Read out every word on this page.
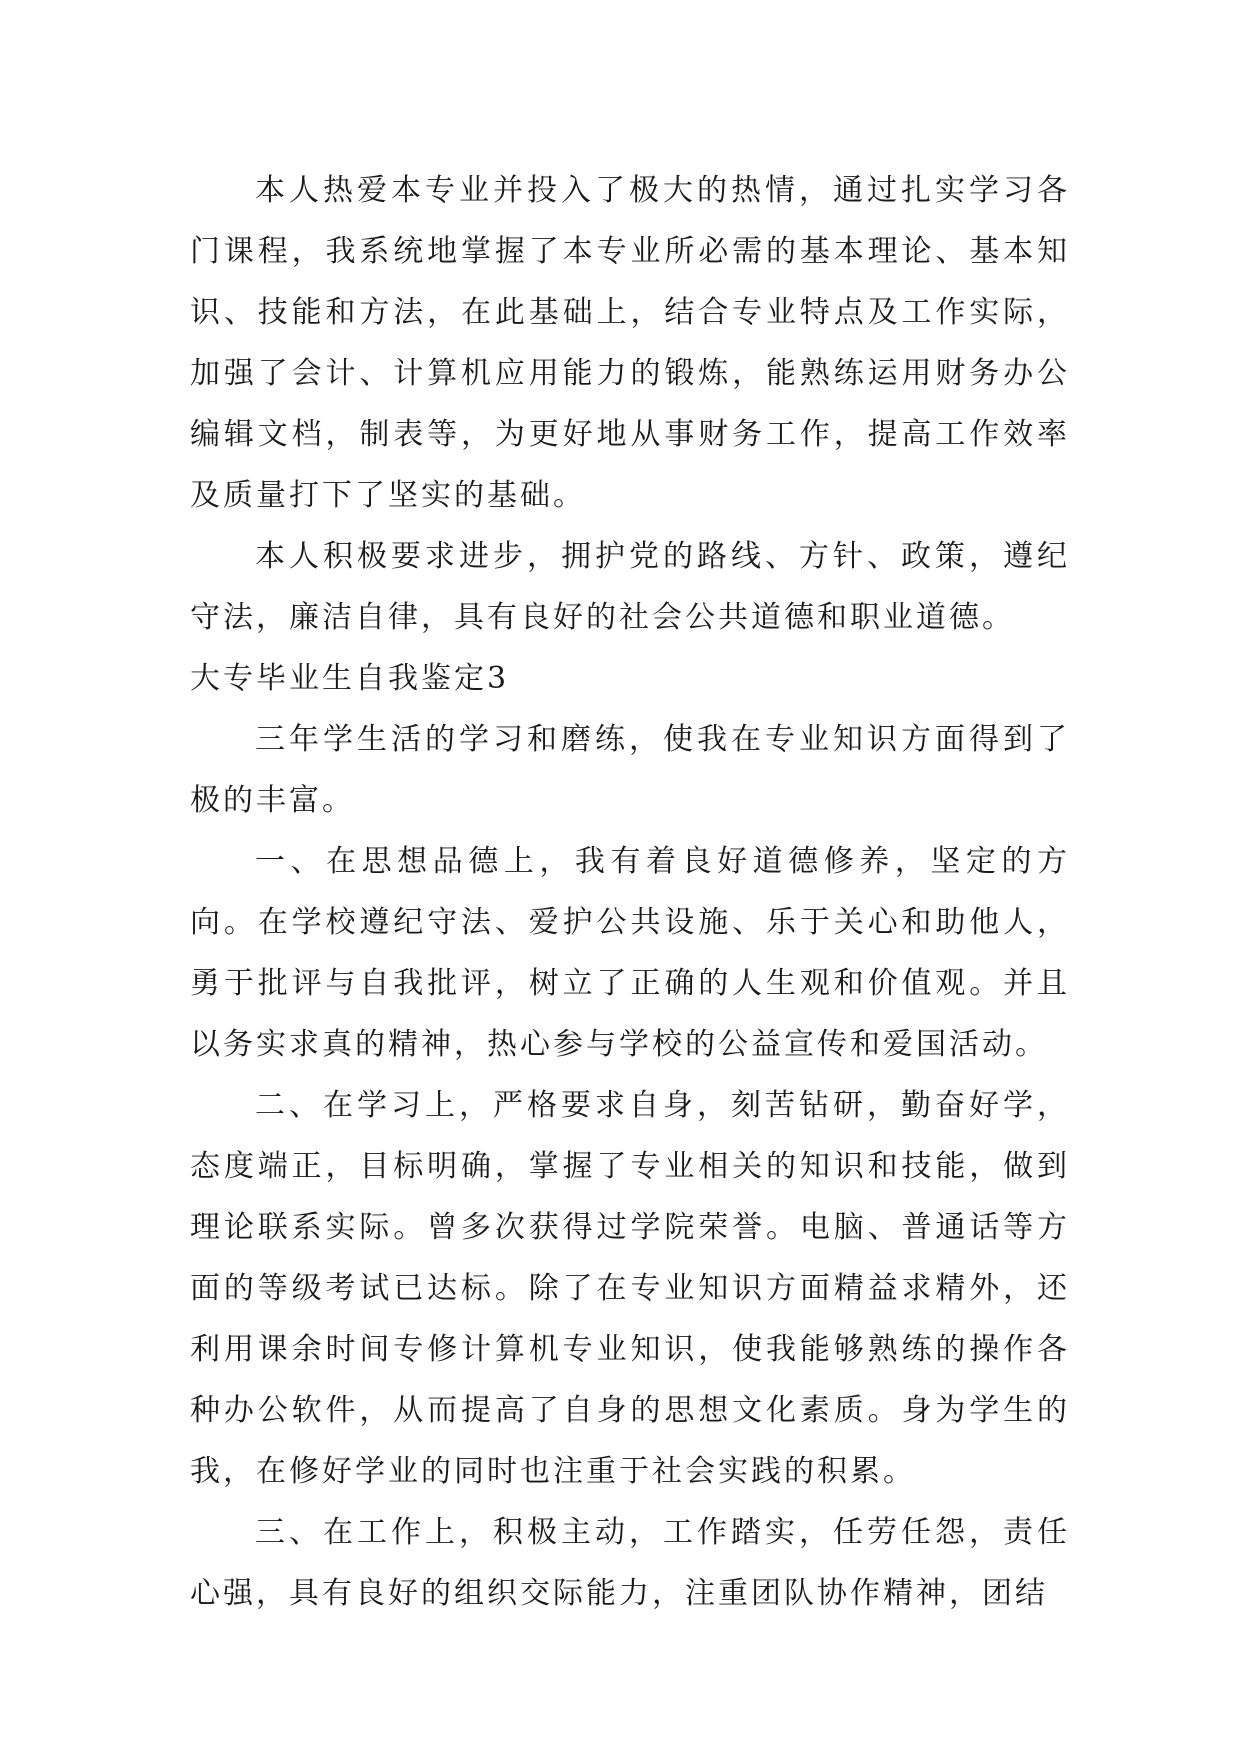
本人热爱本专业并投入了极大的热情，通过扎实学习各门课程，我系统地掌握了本专业所必需的基本理论、基本知识、技能和方法，在此基础上，结合专业特点及工作实际，加强了会计、计算机应用能力的锻炼，能熟练运用财务办公编辑文档，制表等，为更好地从事财务工作，提高工作效率及质量打下了坚实的基础。

本人积极要求进步，拥护党的路线、方针、政策，遵纪守法，廉洁自律，具有良好的社会公共道德和职业道德。

大专毕业生自我鉴定3

三年学生活的学习和磨练，使我在专业知识方面得到了极的丰富。

一、在思想品德上，我有着良好道德修养，坚定的方向。在学校遵纪守法、爱护公共设施、乐于关心和助他人，勇于批评与自我批评，树立了正确的人生观和价值观。并且以务实求真的精神，热心参与学校的公益宣传和爱国活动。

二、在学习上，严格要求自身，刻苦钻研，勤奋好学，态度端正，目标明确，掌握了专业相关的知识和技能，做到理论联系实际。曾多次获得过学院荣誉。电脑、普通话等方面的等级考试已达标。除了在专业知识方面精益求精外，还利用课余时间专修计算机专业知识，使我能够熟练的操作各种办公软件，从而提高了自身的思想文化素质。身为学生的我，在修好学业的同时也注重于社会实践的积累。

三、在工作上，积极主动，工作踏实，任劳任怨，责任心强，具有良好的组织交际能力，注重团队协作精神，团结
